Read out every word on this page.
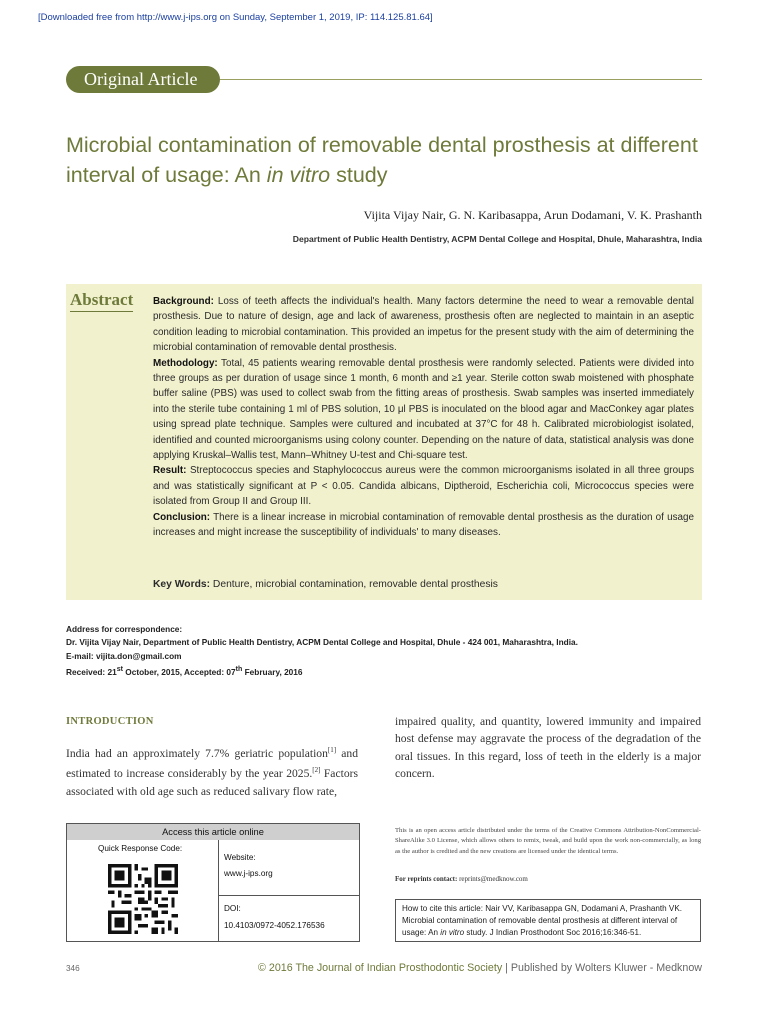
[Downloaded free from http://www.j-ips.org on Sunday, September 1, 2019, IP: 114.125.81.64]
Original Article
Microbial contamination of removable dental prosthesis at different interval of usage: An in vitro study
Vijita Vijay Nair, G. N. Karibasappa, Arun Dodamani, V. K. Prashanth
Department of Public Health Dentistry, ACPM Dental College and Hospital, Dhule, Maharashtra, India
Abstract Background: Loss of teeth affects the individual's health. Many factors determine the need to wear a removable dental prosthesis. Due to nature of design, age and lack of awareness, prosthesis often are neglected to maintain in an aseptic condition leading to microbial contamination. This provided an impetus for the present study with the aim of determining the microbial contamination of removable dental prosthesis.

Methodology: Total, 45 patients wearing removable dental prosthesis were randomly selected. Patients were divided into three groups as per duration of usage since 1 month, 6 month and ≥1 year. Sterile cotton swab moistened with phosphate buffer saline (PBS) was used to collect swab from the fitting areas of prosthesis. Swab samples was inserted immediately into the sterile tube containing 1 ml of PBS solution, 10 μl PBS is inoculated on the blood agar and MacConkey agar plates using spread plate technique. Samples were cultured and incubated at 37°C for 48 h. Calibrated microbiologist isolated, identified and counted microorganisms using colony counter. Depending on the nature of data, statistical analysis was done applying Kruskal–Wallis test, Mann–Whitney U-test and Chi-square test.

Result: Streptococcus species and Staphylococcus aureus were the common microorganisms isolated in all three groups and was statistically significant at P < 0.05. Candida albicans, Diptheroid, Escherichia coli, Micrococcus species were isolated from Group II and Group III.

Conclusion: There is a linear increase in microbial contamination of removable dental prosthesis as the duration of usage increases and might increase the susceptibility of individuals' to many diseases.

Key Words: Denture, microbial contamination, removable dental prosthesis
Address for correspondence:
Dr. Vijita Vijay Nair, Department of Public Health Dentistry, ACPM Dental College and Hospital, Dhule - 424 001, Maharashtra, India.
E-mail: vijita.don@gmail.com
Received: 21st October, 2015, Accepted: 07th February, 2016
INTRODUCTION
India had an approximately 7.7% geriatric population[1] and estimated to increase considerably by the year 2025.[2] Factors associated with old age such as reduced salivary flow rate,
impaired quality, and quantity, lowered immunity and impaired host defense may aggravate the process of the degradation of the oral tissues. In this regard, loss of teeth in the elderly is a major concern.
Access this article online
Quick Response Code:
Website:
www.j-ips.org
DOI:
10.4103/0972-4052.176536
This is an open access article distributed under the terms of the Creative Commons Attribution-NonCommercial-ShareAlike 3.0 License, which allows others to remix, tweak, and build upon the work non-commercially, as long as the author is credited and the new creations are licensed under the identical terms.
For reprints contact: reprints@medknow.com
How to cite this article: Nair VV, Karibasappa GN, Dodamani A, Prashanth VK. Microbial contamination of removable dental prosthesis at different interval of usage: An in vitro study. J Indian Prosthodont Soc 2016;16:346-51.
346	© 2016 The Journal of Indian Prosthodontic Society | Published by Wolters Kluwer - Medknow
